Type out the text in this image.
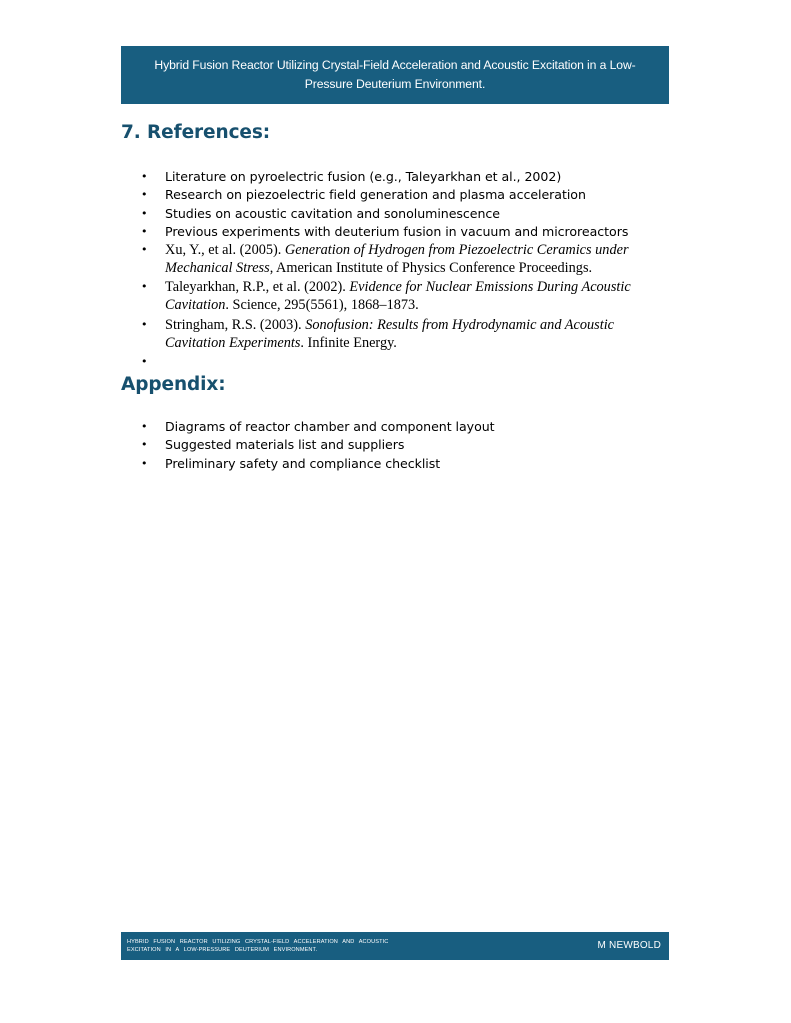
Hybrid Fusion Reactor Utilizing Crystal-Field Acceleration and Acoustic Excitation in a Low-Pressure Deuterium Environment.
7. References:
• Literature on pyroelectric fusion (e.g., Taleyarkhan et al., 2002)
• Research on piezoelectric field generation and plasma acceleration
• Studies on acoustic cavitation and sonoluminescence
• Previous experiments with deuterium fusion in vacuum and microreactors
• Xu, Y., et al. (2005). Generation of Hydrogen from Piezoelectric Ceramics under Mechanical Stress, American Institute of Physics Conference Proceedings.
• Taleyarkhan, R.P., et al. (2002). Evidence for Nuclear Emissions During Acoustic Cavitation. Science, 295(5561), 1868–1873.
• Stringham, R.S. (2003). Sonofusion: Results from Hydrodynamic and Acoustic Cavitation Experiments. Infinite Energy.
•

Appendix:
• Diagrams of reactor chamber and component layout
• Suggested materials list and suppliers
• Preliminary safety and compliance checklist
HYBRID FUSION REACTOR UTILIZING CRYSTAL-FIELD ACCELERATION AND ACOUSTIC EXCITATION IN A LOW-PRESSURE DEUTERIUM ENVIRONMENT.	M NEWBOLD
